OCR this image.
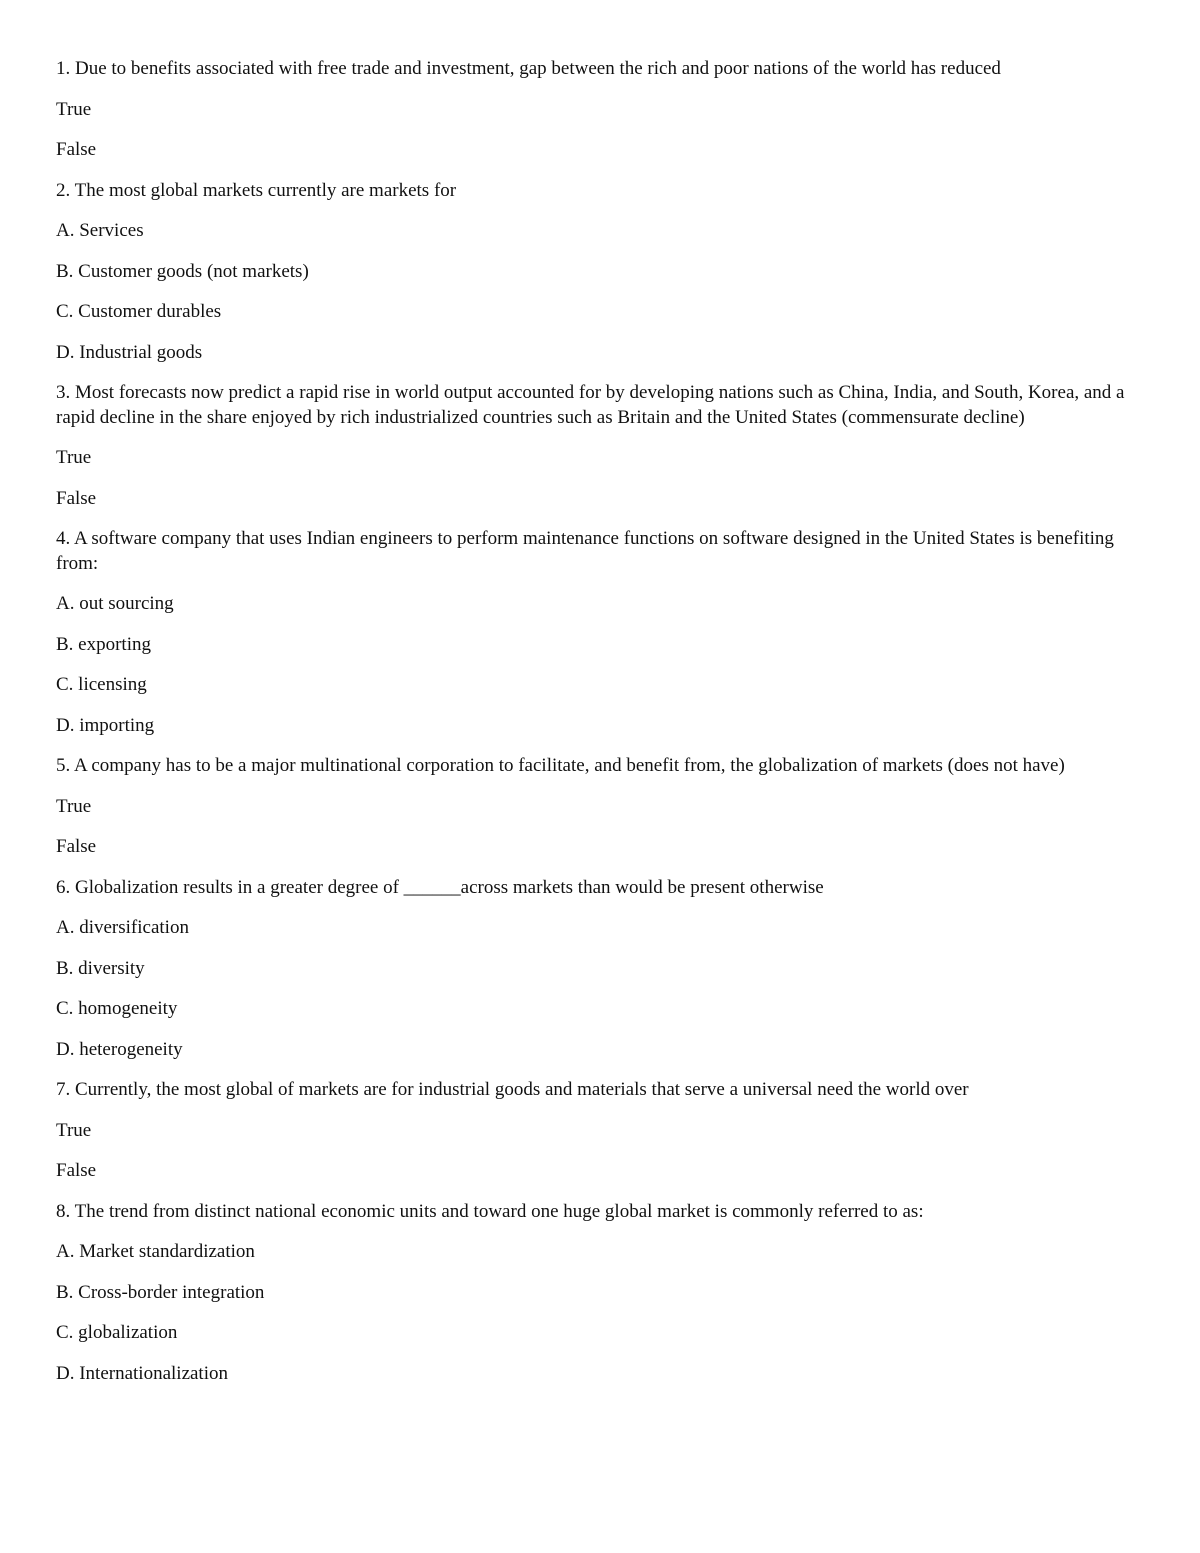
1. Due to benefits associated with free trade and investment, gap between the rich and poor nations of the world has reduced

True

False

2. The most global markets currently are markets for

A. Services

B. Customer goods (not markets)

C. Customer durables

D. Industrial goods

3. Most forecasts now predict a rapid rise in world output accounted for by developing nations such as China, India, and South, Korea, and a rapid decline in the share enjoyed by rich industrialized countries such as Britain and the United States (commensurate decline)

True

False

4. A software company that uses Indian engineers to perform maintenance functions on software designed in the United States is benefiting from:

A. out sourcing

B. exporting

C. licensing

D. importing

5. A company has to be a major multinational corporation to facilitate, and benefit from, the globalization of markets (does not have)

True

False

6. Globalization results in a greater degree of ______across markets than would be present otherwise

A. diversification

B. diversity

C. homogeneity

D. heterogeneity

7. Currently, the most global of markets are for industrial goods and materials that serve a universal need the world over

True

False

8. The trend from distinct national economic units and toward one huge global market is commonly referred to as:

A. Market standardization

B. Cross-border integration

C. globalization

D. Internationalization
